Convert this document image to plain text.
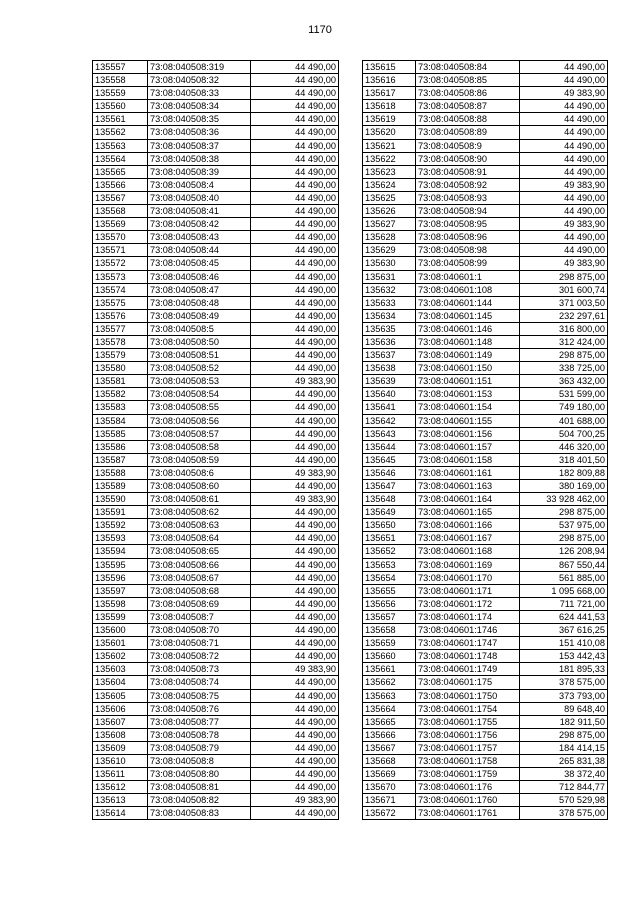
1170
135557	73:08:040508:319	44 490,00
135558	73:08:040508:32	44 490,00
135559	73:08:040508:33	44 490,00
135560	73:08:040508:34	44 490,00
135561	73:08:040508:35	44 490,00
135562	73:08:040508:36	44 490,00
135563	73:08:040508:37	44 490,00
135564	73:08:040508:38	44 490,00
135565	73:08:040508:39	44 490,00
135566	73:08:040508:4	44 490,00
135567	73:08:040508:40	44 490,00
135568	73:08:040508:41	44 490,00
135569	73:08:040508:42	44 490,00
135570	73:08:040508:43	44 490,00
135571	73:08:040508:44	44 490,00
135572	73:08:040508:45	44 490,00
135573	73:08:040508:46	44 490,00
135574	73:08:040508:47	44 490,00
135575	73:08:040508:48	44 490,00
135576	73:08:040508:49	44 490,00
135577	73:08:040508:5	44 490,00
135578	73:08:040508:50	44 490,00
135579	73:08:040508:51	44 490,00
135580	73:08:040508:52	44 490,00
135581	73:08:040508:53	49 383,90
135582	73:08:040508:54	44 490,00
135583	73:08:040508:55	44 490,00
135584	73:08:040508:56	44 490,00
135585	73:08:040508:57	44 490,00
135586	73:08:040508:58	44 490,00
135587	73:08:040508:59	44 490,00
135588	73:08:040508:6	49 383,90
135589	73:08:040508:60	44 490,00
135590	73:08:040508:61	49 383,90
135591	73:08:040508:62	44 490,00
135592	73:08:040508:63	44 490,00
135593	73:08:040508:64	44 490,00
135594	73:08:040508:65	44 490,00
135595	73:08:040508:66	44 490,00
135596	73:08:040508:67	44 490,00
135597	73:08:040508:68	44 490,00
135598	73:08:040508:69	44 490,00
135599	73:08:040508:7	44 490,00
135600	73:08:040508:70	44 490,00
135601	73:08:040508:71	44 490,00
135602	73:08:040508:72	44 490,00
135603	73:08:040508:73	49 383,90
135604	73:08:040508:74	44 490,00
135605	73:08:040508:75	44 490,00
135606	73:08:040508:76	44 490,00
135607	73:08:040508:77	44 490,00
135608	73:08:040508:78	44 490,00
135609	73:08:040508:79	44 490,00
135610	73:08:040508:8	44 490,00
135611	73:08:040508:80	44 490,00
135612	73:08:040508:81	44 490,00
135613	73:08:040508:82	49 383,90
135614	73:08:040508:83	44 490,00
135615	73:08:040508:84	44 490,00
135616	73:08:040508:85	44 490,00
135617	73:08:040508:86	49 383,90
135618	73:08:040508:87	44 490,00
135619	73:08:040508:88	44 490,00
135620	73:08:040508:89	44 490,00
135621	73:08:040508:9	44 490,00
135622	73:08:040508:90	44 490,00
135623	73:08:040508:91	44 490,00
135624	73:08:040508:92	49 383,90
135625	73:08:040508:93	44 490,00
135626	73:08:040508:94	44 490,00
135627	73:08:040508:95	49 383,90
135628	73:08:040508:96	44 490,00
135629	73:08:040508:98	44 490,00
135630	73:08:040508:99	49 383,90
135631	73:08:040601:1	298 875,00
135632	73:08:040601:108	301 600,74
135633	73:08:040601:144	371 003,50
135634	73:08:040601:145	232 297,61
135635	73:08:040601:146	316 800,00
135636	73:08:040601:148	312 424,00
135637	73:08:040601:149	298 875,00
135638	73:08:040601:150	338 725,00
135639	73:08:040601:151	363 432,00
135640	73:08:040601:153	531 599,00
135641	73:08:040601:154	749 180,00
135642	73:08:040601:155	401 688,00
135643	73:08:040601:156	504 700,25
135644	73:08:040601:157	446 320,00
135645	73:08:040601:158	318 401,50
135646	73:08:040601:161	182 809,88
135647	73:08:040601:163	380 169,00
135648	73:08:040601:164	33 928 462,00
135649	73:08:040601:165	298 875,00
135650	73:08:040601:166	537 975,00
135651	73:08:040601:167	298 875,00
135652	73:08:040601:168	126 208,94
135653	73:08:040601:169	867 550,44
135654	73:08:040601:170	561 885,00
135655	73:08:040601:171	1 095 668,00
135656	73:08:040601:172	711 721,00
135657	73:08:040601:174	624 441,53
135658	73:08:040601:1746	367 616,25
135659	73:08:040601:1747	151 410,08
135660	73:08:040601:1748	153 442,43
135661	73:08:040601:1749	181 895,33
135662	73:08:040601:175	378 575,00
135663	73:08:040601:1750	373 793,00
135664	73:08:040601:1754	89 648,40
135665	73:08:040601:1755	182 911,50
135666	73:08:040601:1756	298 875,00
135667	73:08:040601:1757	184 414,15
135668	73:08:040601:1758	265 831,38
135669	73:08:040601:1759	38 372,40
135670	73:08:040601:176	712 844,77
135671	73:08:040601:1760	570 529,98
135672	73:08:040601:1761	378 575,00
